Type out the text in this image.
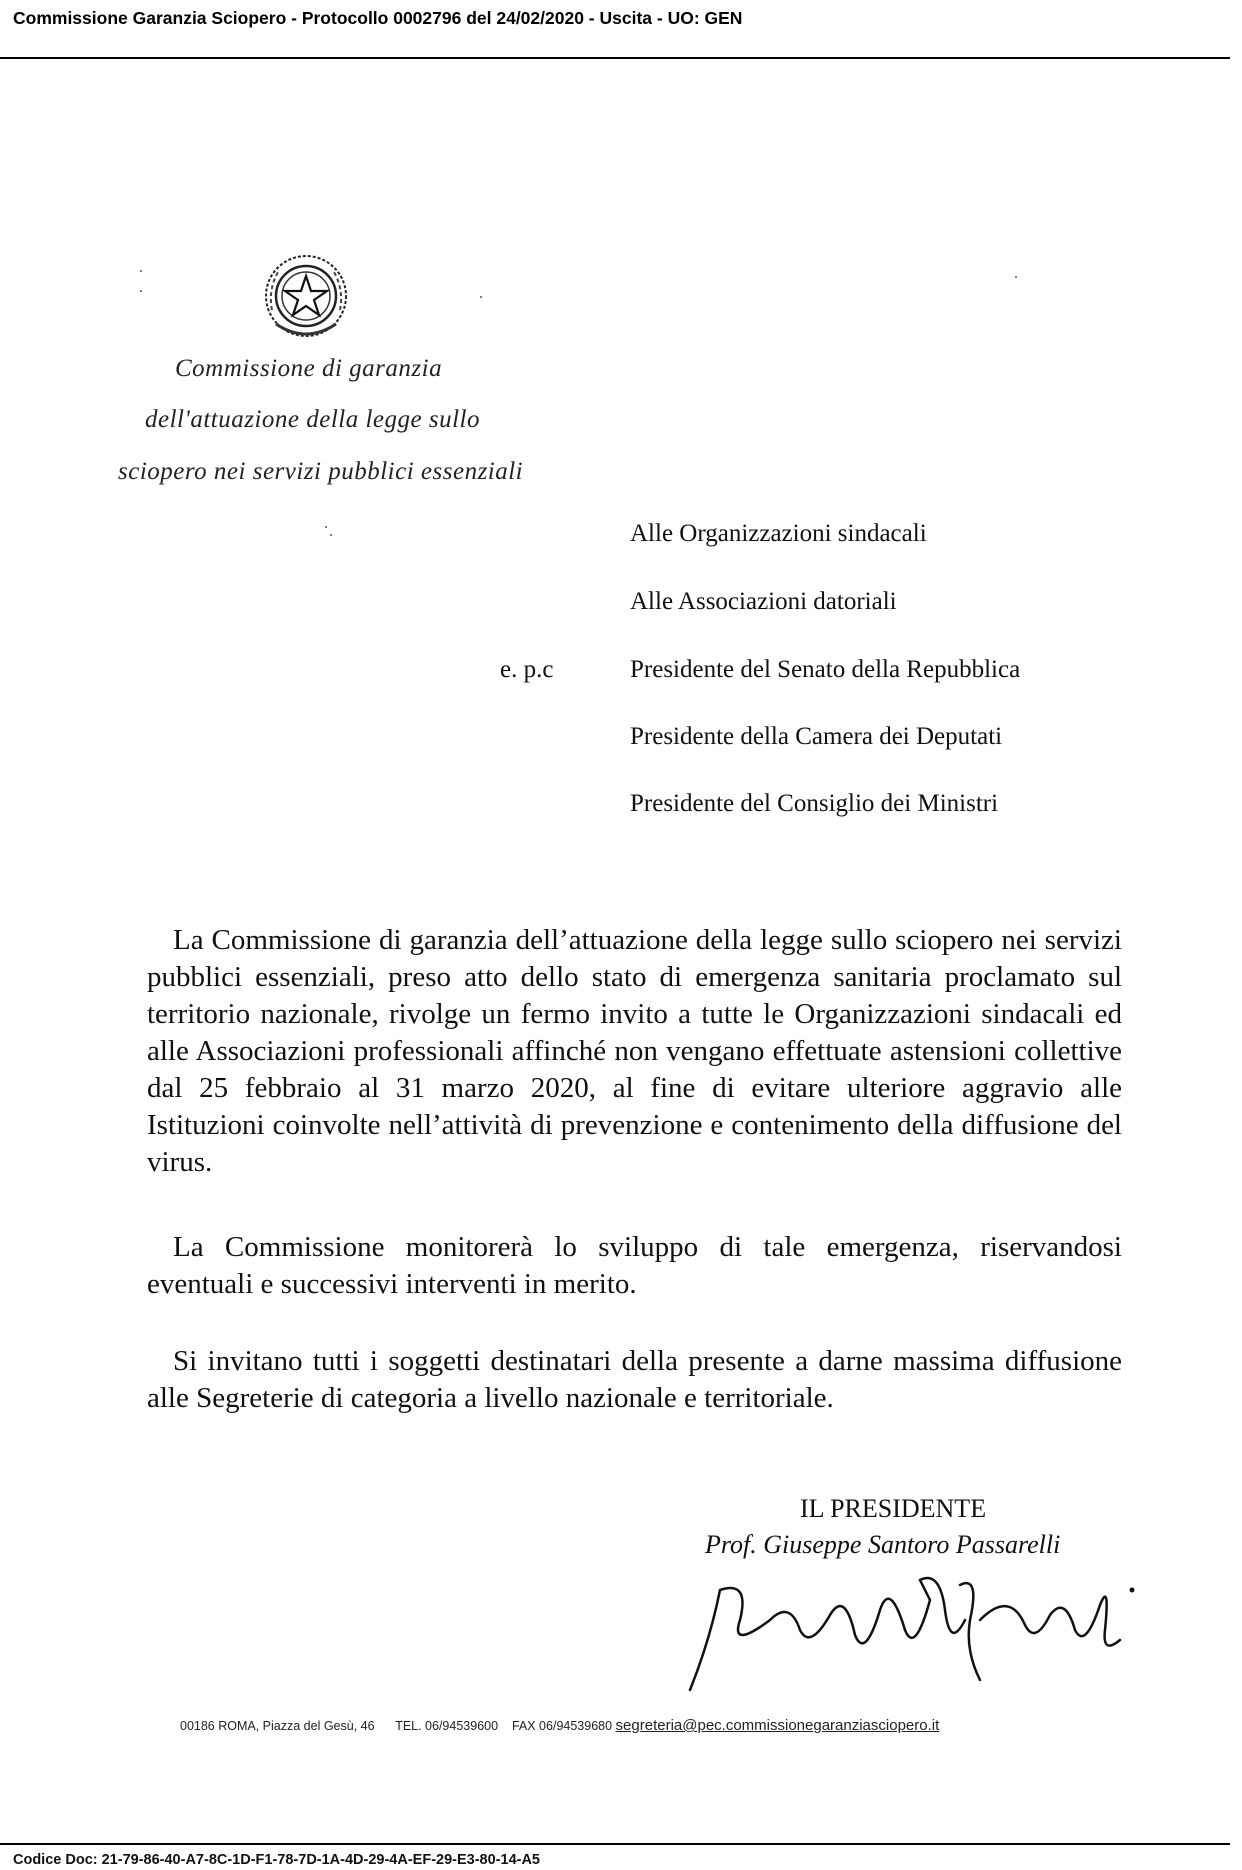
Commissione Garanzia Sciopero - Protocollo 0002796 del 24/02/2020 - Uscita - UO: GEN
Commissione di garanzia
dell'attuazione della legge sullo
sciopero nei servizi pubblici essenziali
Alle Organizzazioni sindacali
Alle Associazioni datoriali
e. p.c	Presidente del Senato della Repubblica
Presidente della Camera dei Deputati
Presidente del Consiglio dei Ministri

La Commissione di garanzia dell’attuazione della legge sullo sciopero nei servizi pubblici essenziali, preso atto dello stato di emergenza sanitaria proclamato sul territorio nazionale, rivolge un fermo invito a tutte le Organizzazioni sindacali ed alle Associazioni professionali affinché non vengano effettuate astensioni collettive dal 25 febbraio al 31 marzo 2020, al fine di evitare ulteriore aggravio alle Istituzioni coinvolte nell’attività di prevenzione e contenimento della diffusione del virus.

La Commissione monitorerà lo sviluppo di tale emergenza, riservandosi eventuali e successivi interventi in merito.

Si invitano tutti i soggetti destinatari della presente a darne massima diffusione alle Segreterie di categoria a livello nazionale e territoriale.

IL PRESIDENTE
Prof. Giuseppe Santoro Passarelli
00186 ROMA, Piazza del Gesù, 46 TEL. 06/94539600 FAX 06/94539680 segreteria@pec.commissionegaranziasciopero.it
Codice Doc: 21-79-86-40-A7-8C-1D-F1-78-7D-1A-4D-29-4A-EF-29-E3-80-14-A5
